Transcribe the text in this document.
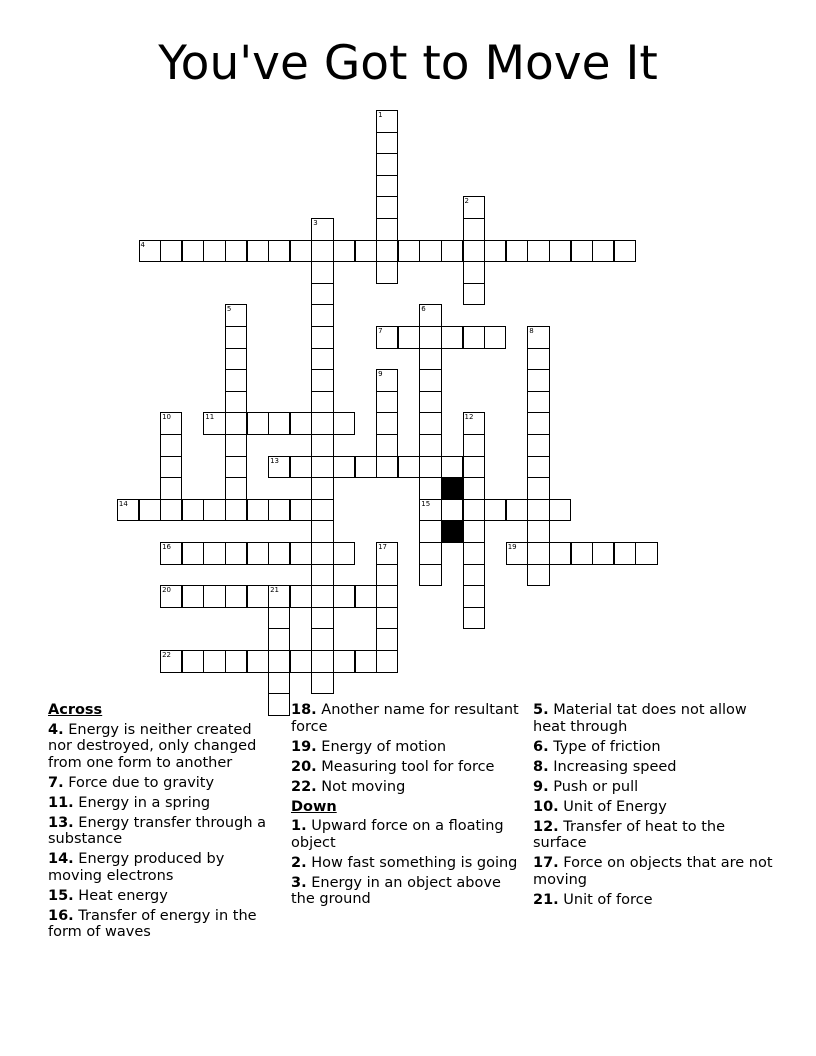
You've Got to Move It
4
7
11
13
14	15
16	19
20	21
22
1
2
3
5	6
8
9
10	12
17
Across
4. Energy is neither created nor destroyed, only changed from one form to another
7. Force due to gravity
11. Energy in a spring
13. Energy transfer through a substance
14. Energy produced by moving electrons
15. Heat energy
16. Transfer of energy in the form of waves
18. Another name for resultant force
19. Energy of motion
20. Measuring tool for force
22. Not moving
Down
1. Upward force on a floating object
2. How fast something is going
3. Energy in an object above the ground
5. Material tat does not allow heat through
6. Type of friction
8. Increasing speed
9. Push or pull
10. Unit of Energy
12. Transfer of heat to the surface
17. Force on objects that are not moving
21. Unit of force
